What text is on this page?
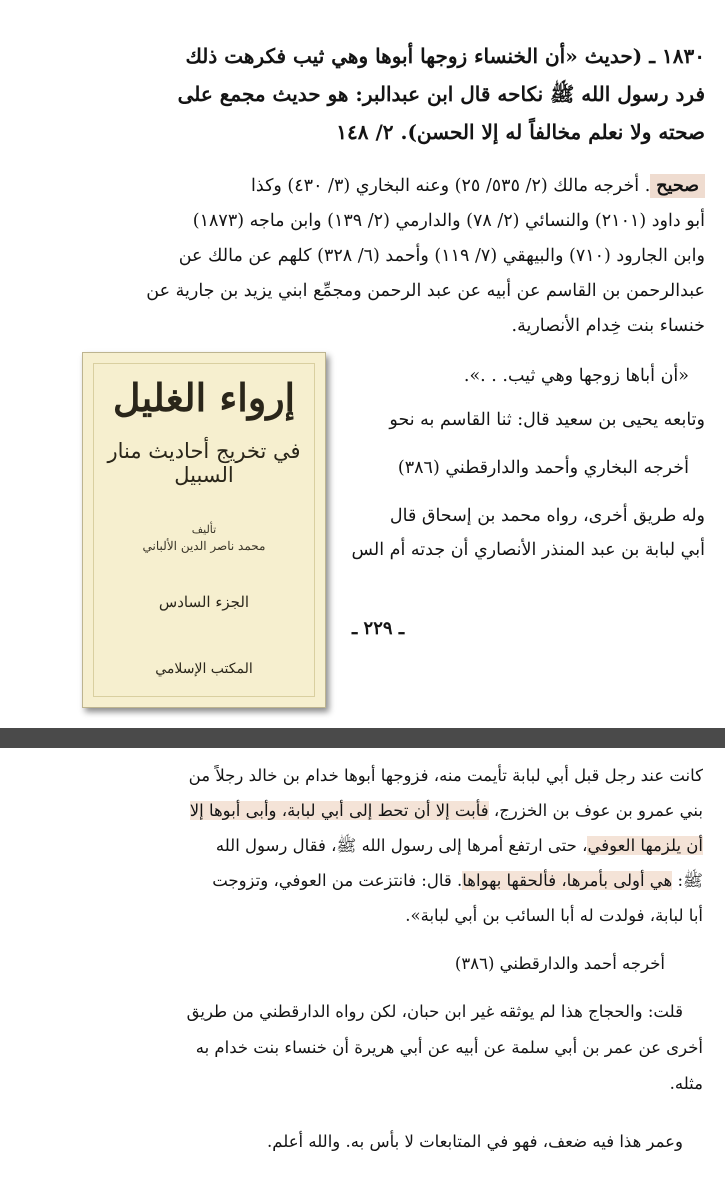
١٨٣٠ ـ (حديث «أن الخنساء زوجها أبوها وهي ثيب فكرهت ذلك
فرد رسول الله ﷺ نكاحه قال ابن عبدالبر: هو حديث مجمع على
صحته ولا نعلم مخالفاً له إلا الحسن). ٢/ ١٤٨
صحيح. أخرجه مالك (٢/ ٥٣٥/ ٢٥) وعنه البخاري (٣/ ٤٣٠) وكذا
أبو داود (٢١٠١) والنسائي (٢/ ٧٨) والدارمي (٢/ ١٣٩) وابن ماجه (١٨٧٣)
وابن الجارود (٧١٠) والبيهقي (٧/ ١١٩) وأحمد (٦/ ٣٢٨) كلهم عن مالك عن
عبدالرحمن بن القاسم عن أبيه عن عبد الرحمن ومجمِّع ابني يزيد بن جارية عن
خنساء بنت خِدام الأنصارية.
«أن أباها زوجها وهي ثيب. . .».
وتابعه يحيى بن سعيد قال: ثنا القاسم به نحو
أخرجه البخاري وأحمد والدارقطني (٣٨٦)
وله طريق أخرى، رواه محمد بن إسحاق قال
أبي لبابة بن عبد المنذر الأنصاري أن جدته أم الس
ـ ٢٢٩ ـ
إرواء الغليل
في تخريج أحاديث منار السبيل
تأليف
محمد ناصر الدين الألباني
الجزء السادس
المكتب الإسلامي
كانت عند رجل قبل أبي لبابة تأيمت منه، فزوجها أبوها خدام بن خالد رجلاً من
بني عمرو بن عوف بن الخزرج، فأبت إلا أن تحط إلى أبي لبابة، وأبى أبوها إلا
أن يلزمها العوفي، حتى ارتفع أمرها إلى رسول الله ﷺ، فقال رسول الله
ﷺ: هي أولى بأمرها، فألحقها بهواها. قال: فانتزعت من العوفي، وتزوجت
أبا لبابة، فولدت له أبا السائب بن أبي لبابة».
أخرجه أحمد والدارقطني (٣٨٦)
قلت: والحجاج هذا لم يوثقه غير ابن حبان، لكن رواه الدارقطني من طريق
أخرى عن عمر بن أبي سلمة عن أبيه عن أبي هريرة أن خنساء بنت خدام به
مثله.
وعمر هذا فيه ضعف، فهو في المتابعات لا بأس به. والله أعلم.
